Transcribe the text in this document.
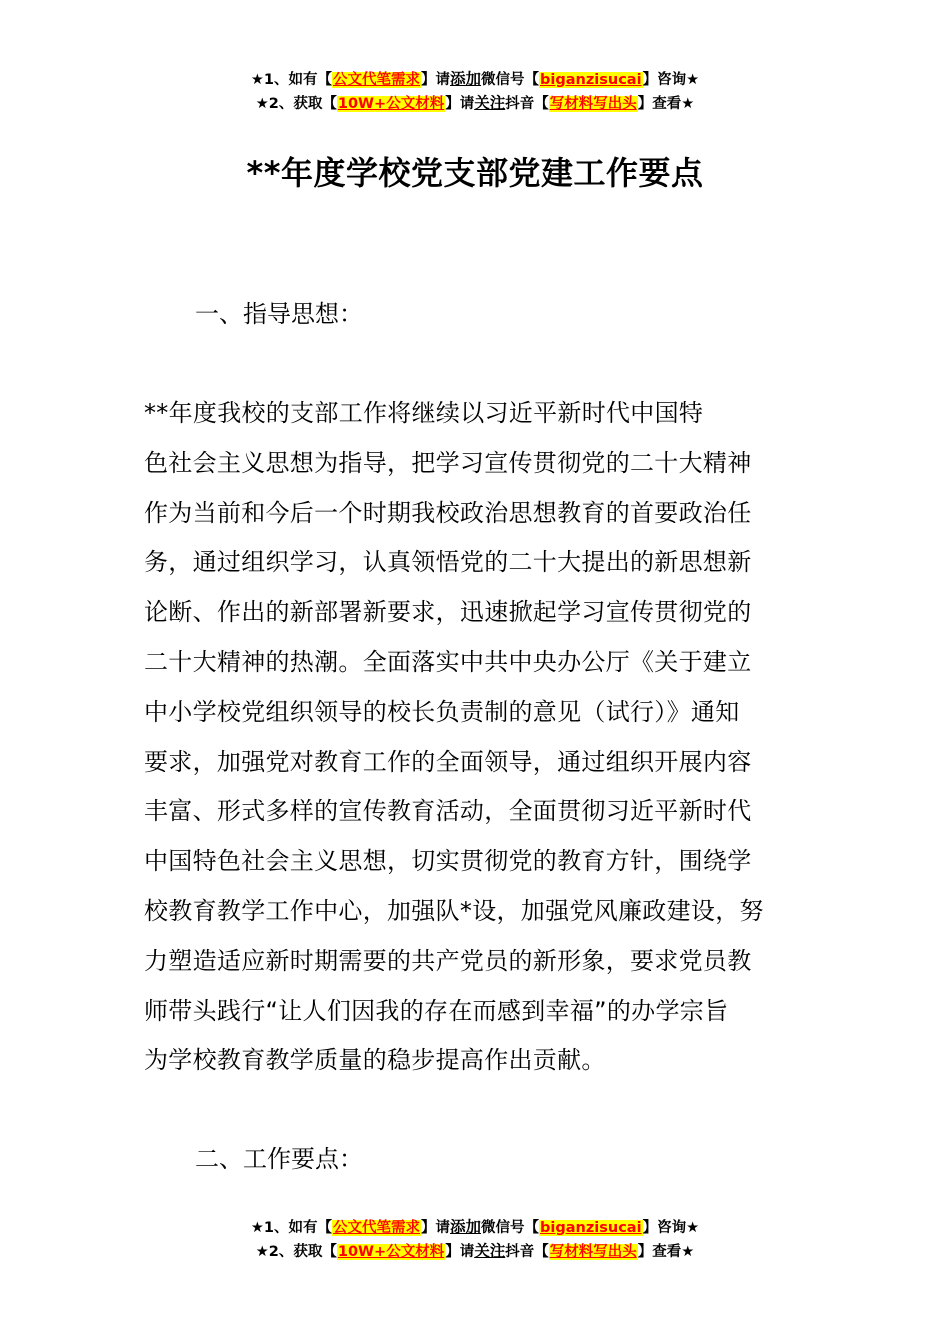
★1、如有【公文代笔需求】请添加微信号【biganzisucai】咨询★
★2、获取【10W+公文材料】请关注抖音【写材料写出头】查看★
**年度学校党支部党建工作要点
一、指导思想：
**年度我校的支部工作将继续以习近平新时代中国特
色社会主义思想为指导，把学习宣传贯彻党的二十大精神
作为当前和今后一个时期我校政治思想教育的首要政治任
务，通过组织学习，认真领悟党的二十大提出的新思想新
论断、作出的新部署新要求，迅速掀起学习宣传贯彻党的
二十大精神的热潮。全面落实中共中央办公厅《关于建立
中小学校党组织领导的校长负责制的意见（试行）》通知
要求，加强党对教育工作的全面领导，通过组织开展内容
丰富、形式多样的宣传教育活动，全面贯彻习近平新时代
中国特色社会主义思想，切实贯彻党的教育方针，围绕学
校教育教学工作中心，加强队*设，加强党风廉政建设，努
力塑造适应新时期需要的共产党员的新形象，要求党员教
师带头践行“让人们因我的存在而感到幸福”的办学宗旨
为学校教育教学质量的稳步提高作出贡献。
二、工作要点：
★1、如有【公文代笔需求】请添加微信号【biganzisucai】咨询★
★2、获取【10W+公文材料】请关注抖音【写材料写出头】查看★
